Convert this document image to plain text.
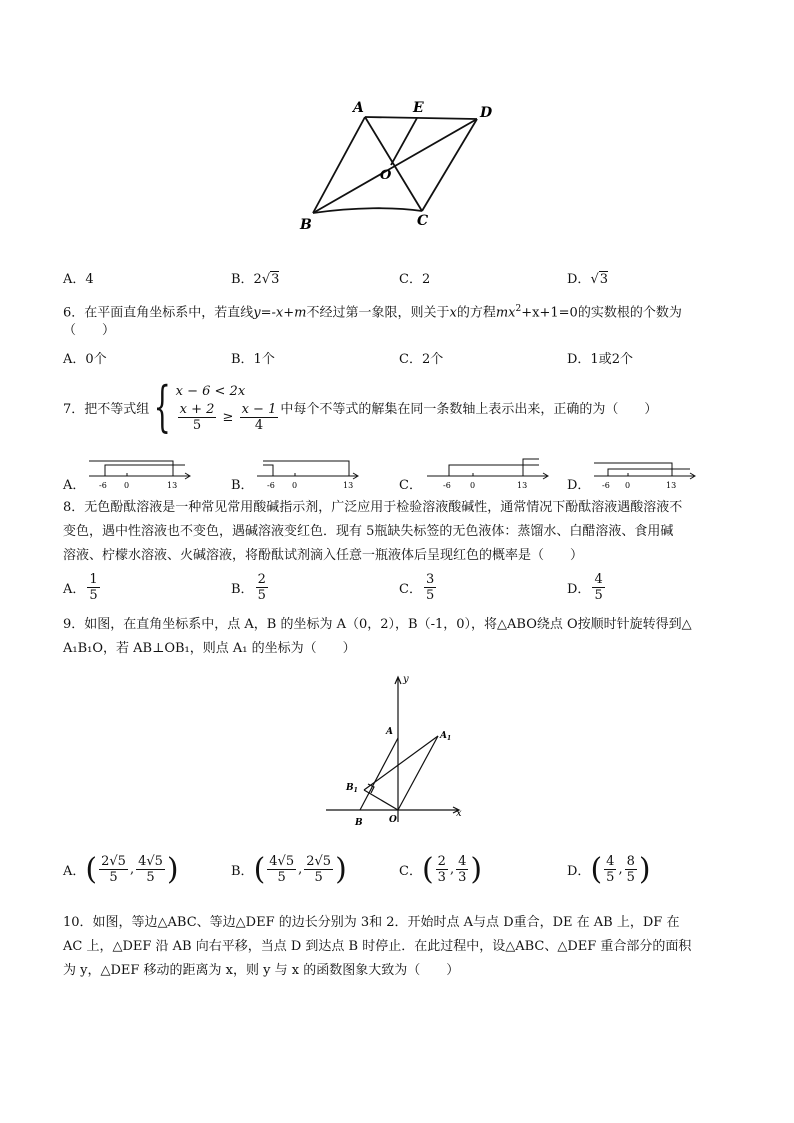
A	E	D
O
B	C
A．4	B．2√3	C．2	D．√3
6．在平面直角坐标系中，若直线y=-x+m不经过第一象限，则关于x的方程$mx^2+x+1=0$的实数根的个数为
（　　）
A．0个	B．1个	C．2个	D．1或2个
7．把不等式组{ x − 6 < 2x
$\frac{x + 2}{5} \ge \frac{x - 1}{4}$ 中每个不等式的解集在同一条数轴上表示出来，正确的为（　　）
A． -6 0	13	B． -6 0	13	C．	-6 0	13	D． -6 0	13
8．无色酚酞溶液是一种常见常用酸碱指示剂，广泛应用于检验溶液酸碱性，通常情况下酚酞溶液遇酸溶液不
变色，遇中性溶液也不变色，遇碱溶液变红色．现有 5瓶缺失标签的无色液体：蒸馏水、白醋溶液、食用碱
溶液、柠檬水溶液、火碱溶液，将酚酞试剂滴入任意一瓶液体后呈现红色的概率是（　　）
A． $\frac{1}{5}$	B． $\frac{2}{5}$	C． $\frac{3}{5}$	D． $\frac{4}{5}$
9．如图，在直角坐标系中，点 A，B 的坐标为 A（0，2），B（-1，0），将△ABO绕点 O按顺时针旋转得到△
A₁B₁O，若 AB⊥OB₁，则点 A₁ 的坐标为（　　）
y
x
A	$A_1$
$B_1$
B	O
A．( $\frac{2√5}{5}$ , $\frac{4√5}{5}$ )	B．( $\frac{4√5}{5}$ , $\frac{2√5}{5}$ )	C．( $\frac{2}{3}$ , $\frac{4}{3}$ )	D．( $\frac{4}{5}$ , $\frac{8}{5}$ )
10．如图，等边△ABC、等边△DEF 的边长分别为 3和 2．开始时点 A与点 D重合，DE 在 AB 上，DF 在
AC 上，△DEF 沿 AB 向右平移，当点 D 到达点 B 时停止．在此过程中，设△ABC、△DEF 重合部分的面积
为 y，△DEF 移动的距离为 x，则 y 与 x 的函数图象大致为（　　）
